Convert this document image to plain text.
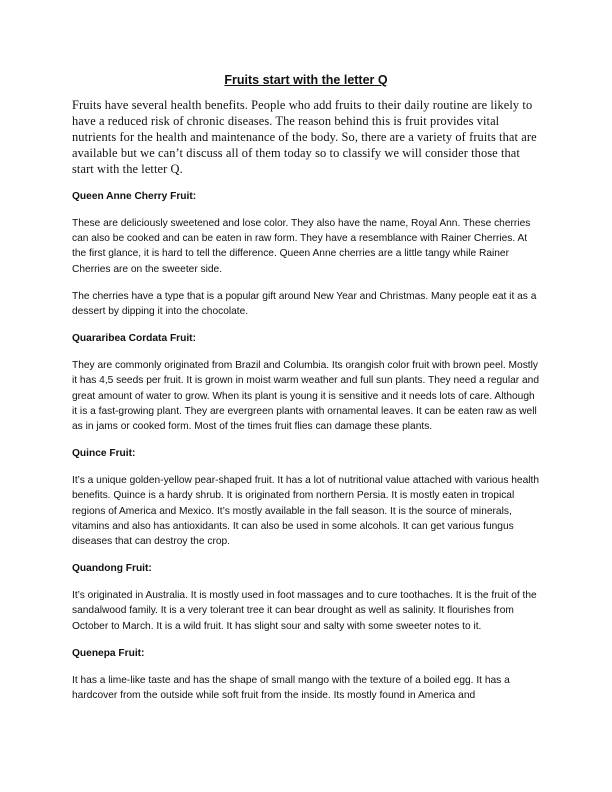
Fruits start with the letter Q
Fruits have several health benefits. People who add fruits to their daily routine are likely to have a reduced risk of chronic diseases. The reason behind this is fruit provides vital nutrients for the health and maintenance of the body. So, there are a variety of fruits that are available but we can’t discuss all of them today so to classify we will consider those that start with the letter Q.
Queen Anne Cherry Fruit:

These are deliciously sweetened and lose color. They also have the name, Royal Ann. These cherries can also be cooked and can be eaten in raw form. They have a resemblance with Rainer Cherries. At the first glance, it is hard to tell the difference. Queen Anne cherries are a little tangy while Rainer Cherries are on the sweeter side.

The cherries have a type that is a popular gift around New Year and Christmas. Many people eat it as a dessert by dipping it into the chocolate.

Quararibea Cordata Fruit:

They are commonly originated from Brazil and Columbia. Its orangish color fruit with brown peel. Mostly it has 4,5 seeds per fruit. It is grown in moist warm weather and full sun plants. They need a regular and great amount of water to grow. When its plant is young it is sensitive and it needs lots of care. Although it is a fast-growing plant. They are evergreen plants with ornamental leaves. It can be eaten raw as well as in jams or cooked form. Most of the times fruit flies can damage these plants.

Quince Fruit:

It’s a unique golden-yellow pear-shaped fruit. It has a lot of nutritional value attached with various health benefits. Quince is a hardy shrub. It is originated from northern Persia. It is mostly eaten in tropical regions of America and Mexico. It’s mostly available in the fall season. It is the source of minerals, vitamins and also has antioxidants. It can also be used in some alcohols. It can get various fungus diseases that can destroy the crop.

Quandong Fruit:

It’s originated in Australia. It is mostly used in foot massages and to cure toothaches. It is the fruit of the sandalwood family. It is a very tolerant tree it can bear drought as well as salinity. It flourishes from October to March. It is a wild fruit. It has slight sour and salty with some sweeter notes to it.

Quenepa Fruit:

It has a lime-like taste and has the shape of small mango with the texture of a boiled egg. It has a hardcover from the outside while soft fruit from the inside. Its mostly found in America and
